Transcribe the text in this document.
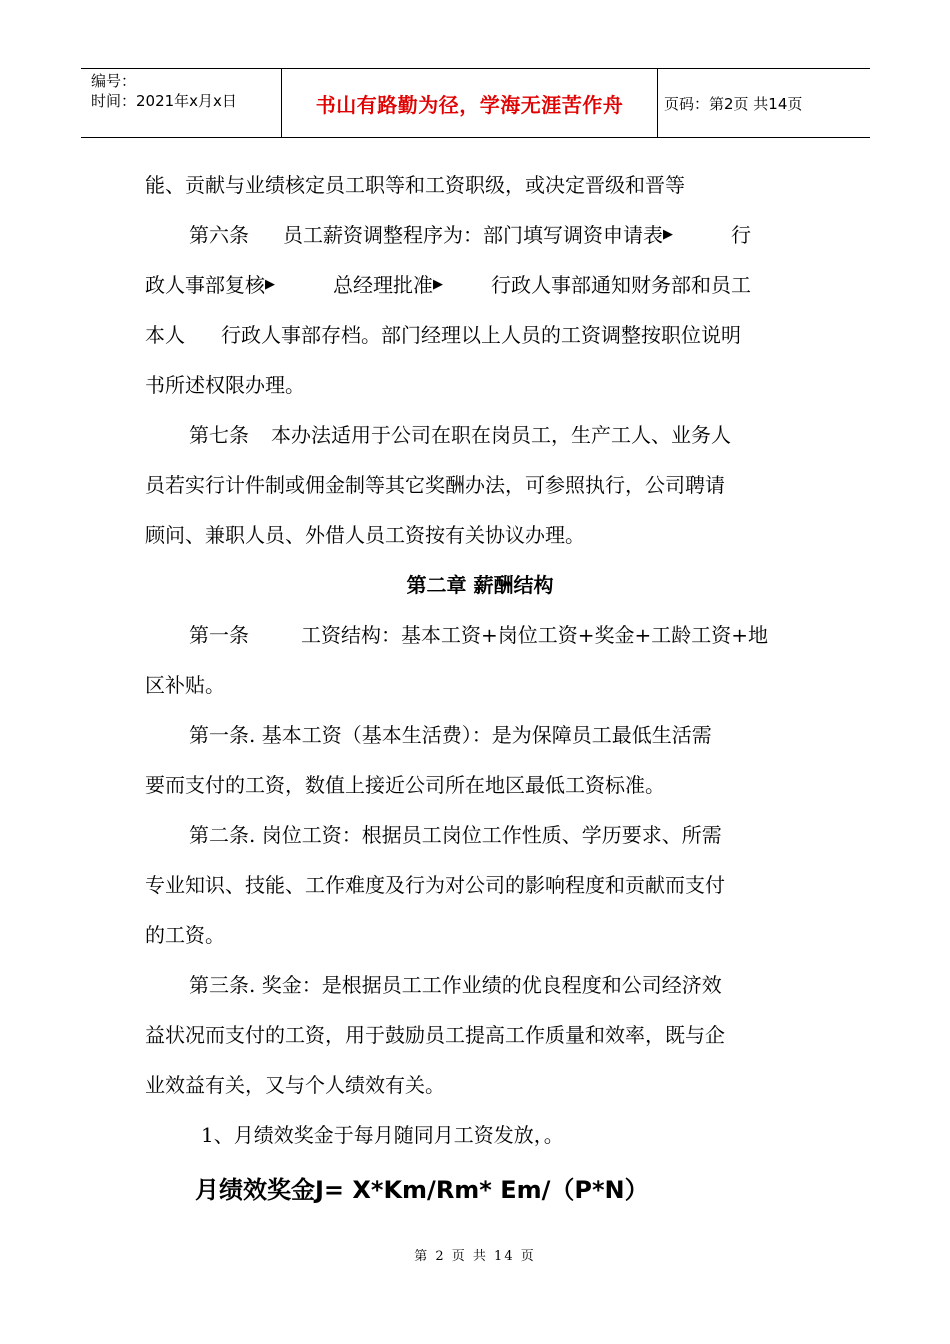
编号：
时间：2021年x月x日	书山有路勤为径，学海无涯苦作舟	页码：第2页 共14页

能、贡献与业绩核定员工职等和工资职级，或决定晋级和晋等

第六条 员工薪资调整程序为：部门填写调资申请表▶	行

政人事部复核▶	总经理批准▶ 行政人事部通知财务部和员工

本人 行政人事部存档。部门经理以上人员的工资调整按职位说明

书所述权限办理。

第七条 本办法适用于公司在职在岗员工，生产工人、业务人

员若实行计件制或佣金制等其它奖酬办法，可参照执行，公司聘请

顾问、兼职人员、外借人员工资按有关协议办理。

第二章 薪酬结构

第一条	工资结构：基本工资+岗位工资+奖金+工龄工资+地

区补贴。

第一条. 基本工资（基本生活费）：是为保障员工最低生活需

要而支付的工资，数值上接近公司所在地区最低工资标准。

第二条. 岗位工资：根据员工岗位工作性质、学历要求、所需

专业知识、技能、工作难度及行为对公司的影响程度和贡献而支付

的工资。

第三条. 奖金：是根据员工工作业绩的优良程度和公司经济效

益状况而支付的工资，用于鼓励员工提高工作质量和效率，既与企

业效益有关，又与个人绩效有关。

1、月绩效奖金于每月随同月工资发放，。

月绩效奖金J= X*Km/Rm* Em/（P*N）

第 2 页 共 14 页
